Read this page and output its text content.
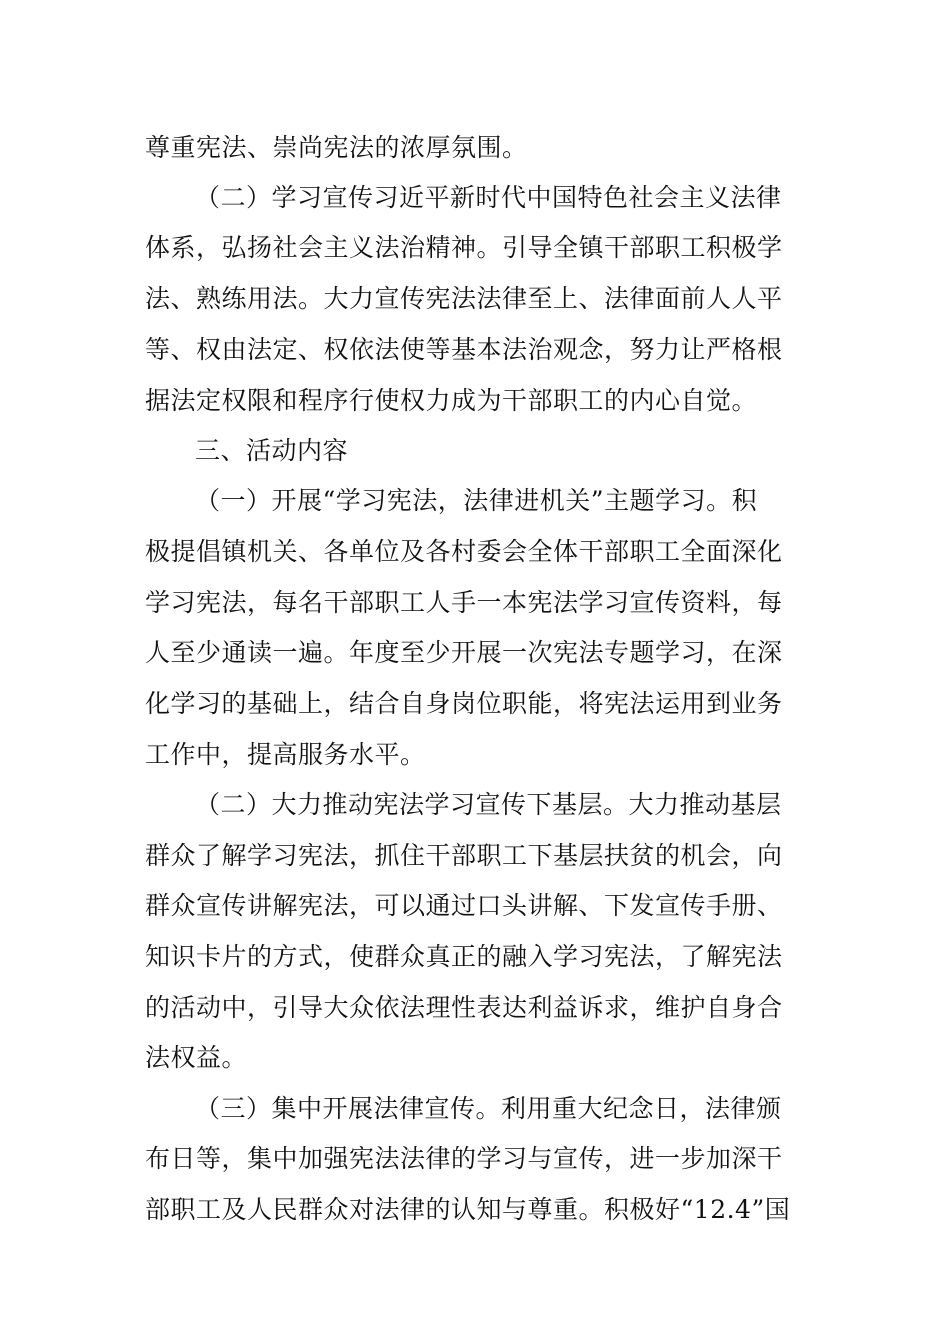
尊重宪法、崇尚宪法的浓厚氛围。
（二）学习宣传习近平新时代中国特色社会主义法律
体系，弘扬社会主义法治精神。引导全镇干部职工积极学
法、熟练用法。大力宣传宪法法律至上、法律面前人人平
等、权由法定、权依法使等基本法治观念，努力让严格根
据法定权限和程序行使权力成为干部职工的内心自觉。
三、活动内容
（一）开展“学习宪法，法律进机关”主题学习。积
极提倡镇机关、各单位及各村委会全体干部职工全面深化
学习宪法，每名干部职工人手一本宪法学习宣传资料，每
人至少通读一遍。年度至少开展一次宪法专题学习，在深
化学习的基础上，结合自身岗位职能，将宪法运用到业务
工作中，提高服务水平。
（二）大力推动宪法学习宣传下基层。大力推动基层
群众了解学习宪法，抓住干部职工下基层扶贫的机会，向
群众宣传讲解宪法，可以通过口头讲解、下发宣传手册、
知识卡片的方式，使群众真正的融入学习宪法，了解宪法
的活动中，引导大众依法理性表达利益诉求，维护自身合
法权益。
（三）集中开展法律宣传。利用重大纪念日，法律颁
布日等，集中加强宪法法律的学习与宣传，进一步加深干
部职工及人民群众对法律的认知与尊重。积极好“12.4”国
